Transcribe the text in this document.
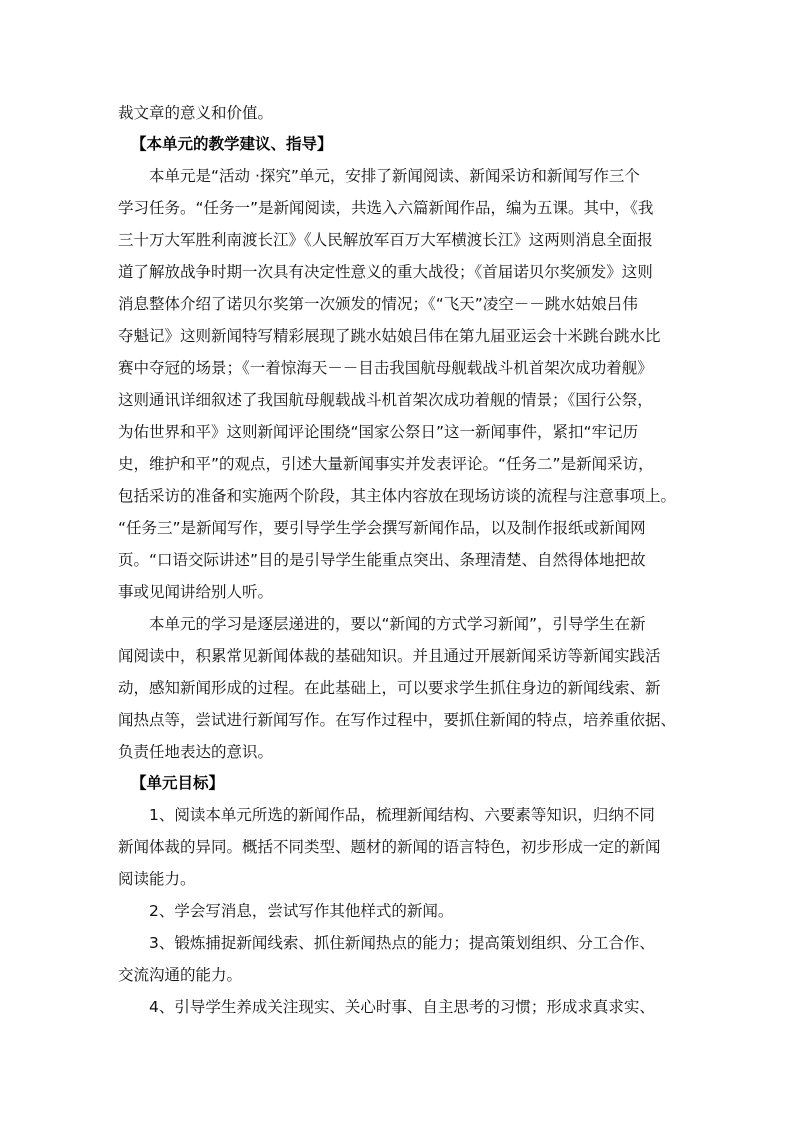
裁文章的意义和价值。
【本单元的教学建议、指导】
本单元是“活动 ·探究”单元，安排了新闻阅读、新闻采访和新闻写作三个
学习任务。“任务一”是新闻阅读，共选入六篇新闻作品，编为五课。其中，《我
三十万大军胜利南渡长江》《人民解放军百万大军横渡长江》这两则消息全面报
道了解放战争时期一次具有决定性意义的重大战役；《首届诺贝尔奖颁发》这则
消息整体介绍了诺贝尔奖第一次颁发的情况；《“飞天”凌空－－跳水姑娘吕伟
夺魁记》这则新闻特写精彩展现了跳水姑娘吕伟在第九届亚运会十米跳台跳水比
赛中夺冠的场景；《一着惊海天－－目击我国航母舰载战斗机首架次成功着舰》
这则通讯详细叙述了我国航母舰载战斗机首架次成功着舰的情景；《国行公祭，
为佑世界和平》这则新闻评论围绕“国家公祭日”这一新闻事件，紧扣“牢记历
史，维护和平”的观点，引述大量新闻事实并发表评论。“任务二”是新闻采访，
包括采访的准备和实施两个阶段，其主体内容放在现场访谈的流程与注意事项上。
“任务三”是新闻写作，要引导学生学会撰写新闻作品，以及制作报纸或新闻网
页。“口语交际讲述”目的是引导学生能重点突出、条理清楚、自然得体地把故
事或见闻讲给别人听。
本单元的学习是逐层递进的，要以“新闻的方式学习新闻”，引导学生在新
闻阅读中，积累常见新闻体裁的基础知识。并且通过开展新闻采访等新闻实践活
动，感知新闻形成的过程。在此基础上，可以要求学生抓住身边的新闻线索、新
闻热点等，尝试进行新闻写作。在写作过程中，要抓住新闻的特点，培养重依据、
负责任地表达的意识。
【单元目标】
1、阅读本单元所选的新闻作品，梳理新闻结构、六要素等知识，归纳不同
新闻体裁的异同。概括不同类型、题材的新闻的语言特色，初步形成一定的新闻
阅读能力。
2、学会写消息，尝试写作其他样式的新闻。
3、锻炼捕捉新闻线索、抓住新闻热点的能力；提高策划组织、分工合作、
交流沟通的能力。
4、引导学生养成关注现实、关心时事、自主思考的习惯；形成求真求实、
